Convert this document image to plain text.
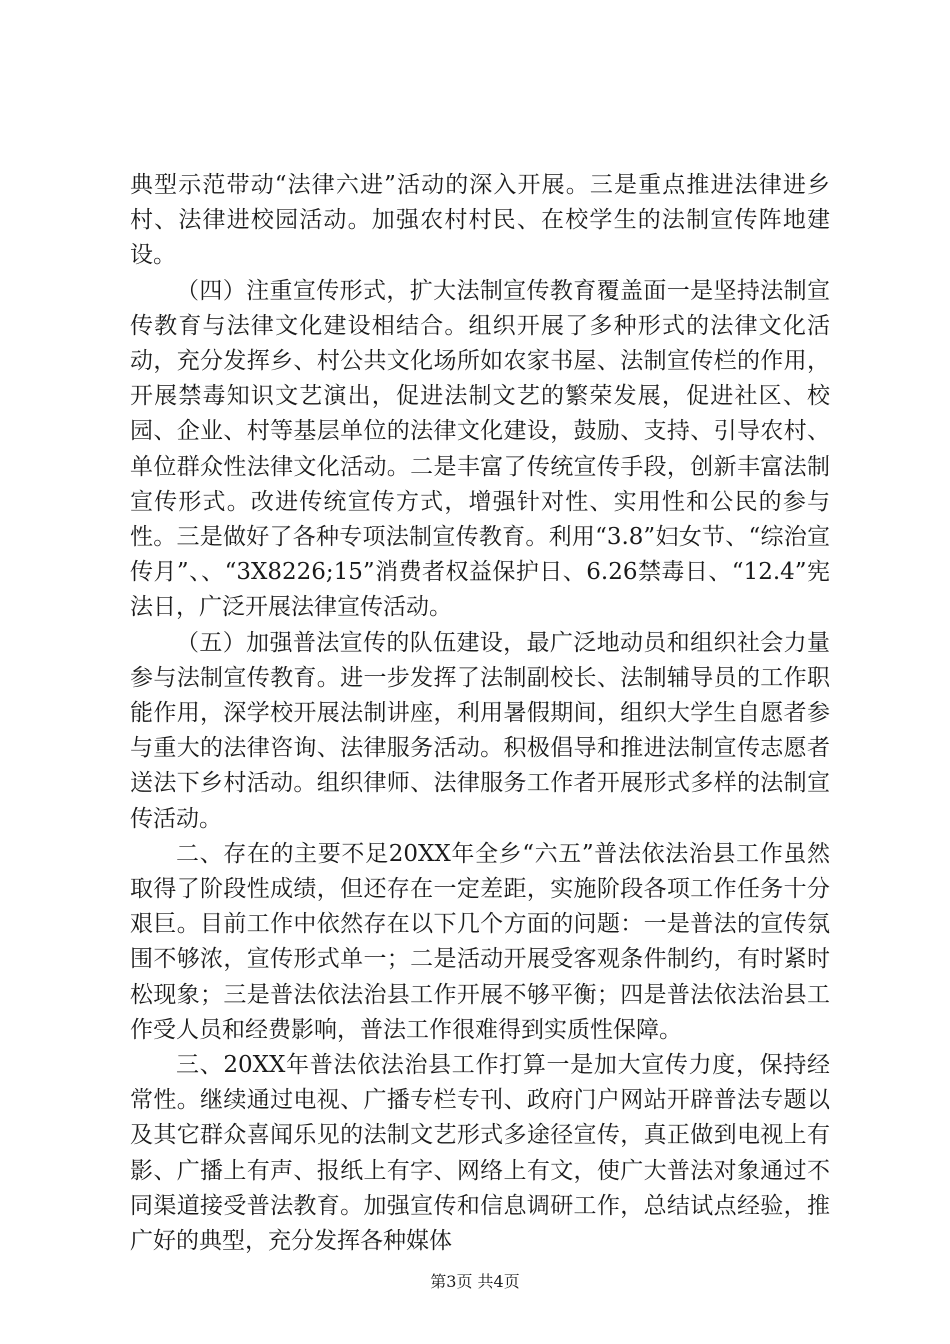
典型示范带动“法律六进”活动的深入开展。三是重点推进法律进乡村、法律进校园活动。加强农村村民、在校学生的法制宣传阵地建设。

（四）注重宣传形式，扩大法制宣传教育覆盖面一是坚持法制宣传教育与法律文化建设相结合。组织开展了多种形式的法律文化活动，充分发挥乡、村公共文化场所如农家书屋、法制宣传栏的作用，开展禁毒知识文艺演出，促进法制文艺的繁荣发展，促进社区、校园、企业、村等基层单位的法律文化建设，鼓励、支持、引导农村、单位群众性法律文化活动。二是丰富了传统宣传手段，创新丰富法制宣传形式。改进传统宣传方式，增强针对性、实用性和公民的参与性。三是做好了各种专项法制宣传教育。利用“3.8”妇女节、“综治宣传月”、、“3X8226;15”消费者权益保护日、6.26禁毒日、“12.4”宪法日，广泛开展法律宣传活动。

（五）加强普法宣传的队伍建设，最广泛地动员和组织社会力量参与法制宣传教育。进一步发挥了法制副校长、法制辅导员的工作职能作用，深学校开展法制讲座，利用暑假期间，组织大学生自愿者参与重大的法律咨询、法律服务活动。积极倡导和推进法制宣传志愿者送法下乡村活动。组织律师、法律服务工作者开展形式多样的法制宣传活动。

二、存在的主要不足20XX年全乡“六五”普法依法治县工作虽然取得了阶段性成绩，但还存在一定差距，实施阶段各项工作任务十分艰巨。目前工作中依然存在以下几个方面的问题：一是普法的宣传氛围不够浓，宣传形式单一；二是活动开展受客观条件制约，有时紧时松现象；三是普法依法治县工作开展不够平衡；四是普法依法治县工作受人员和经费影响，普法工作很难得到实质性保障。

三、20XX年普法依法治县工作打算一是加大宣传力度，保持经常性。继续通过电视、广播专栏专刊、政府门户网站开辟普法专题以及其它群众喜闻乐见的法制文艺形式多途径宣传，真正做到电视上有影、广播上有声、报纸上有字、网络上有文，使广大普法对象通过不同渠道接受普法教育。加强宣传和信息调研工作，总结试点经验，推广好的典型，充分发挥各种媒体

第3页 共4页
